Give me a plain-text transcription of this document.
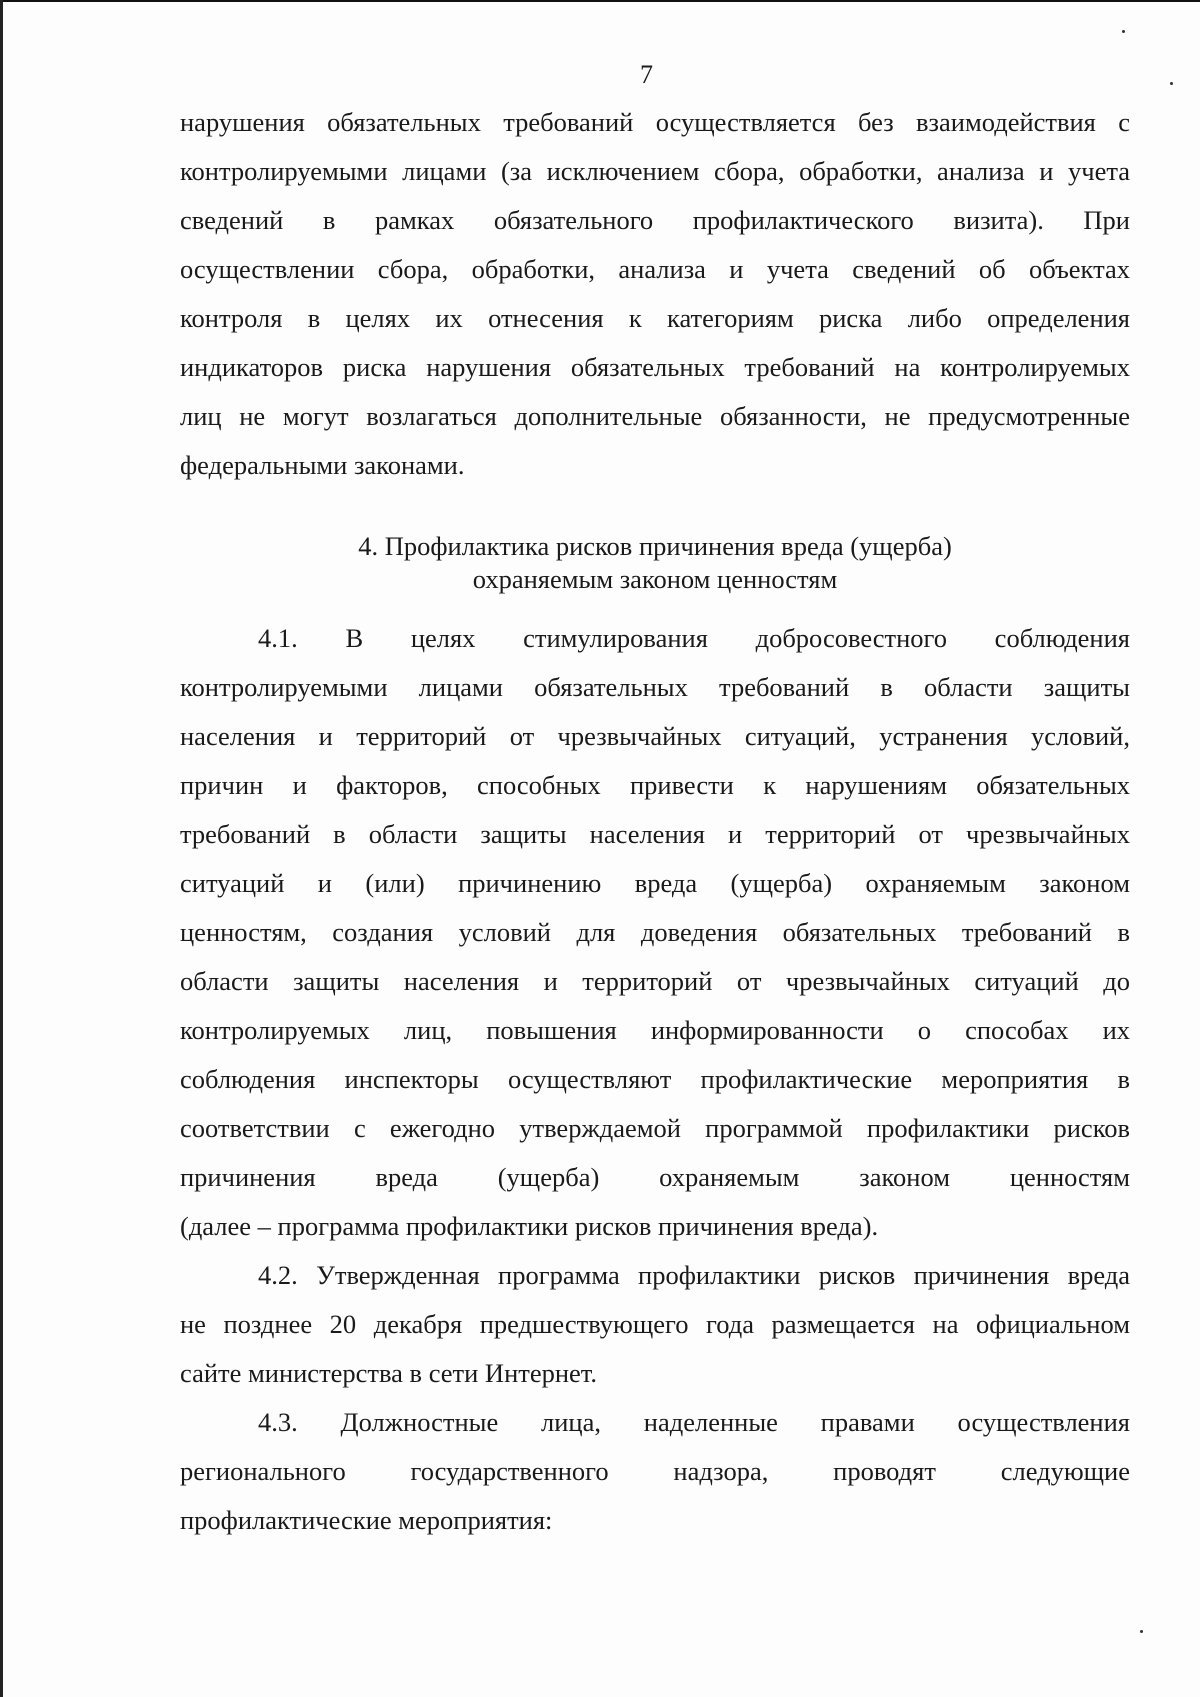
7
нарушения обязательных требований осуществляется без взаимодействия с
контролируемыми лицами (за исключением сбора, обработки, анализа и учета
сведений в рамках обязательного профилактического визита). При
осуществлении сбора, обработки, анализа и учета сведений об объектах
контроля в целях их отнесения к категориям риска либо определения
индикаторов риска нарушения обязательных требований на контролируемых
лиц не могут возлагаться дополнительные обязанности, не предусмотренные
федеральными законами.
4. Профилактика рисков причинения вреда (ущерба)
охраняемым законом ценностям
4.1. В целях стимулирования добросовестного соблюдения
контролируемыми лицами обязательных требований в области защиты
населения и территорий от чрезвычайных ситуаций, устранения условий,
причин и факторов, способных привести к нарушениям обязательных
требований в области защиты населения и территорий от чрезвычайных
ситуаций и (или) причинению вреда (ущерба) охраняемым законом
ценностям, создания условий для доведения обязательных требований в
области защиты населения и территорий от чрезвычайных ситуаций до
контролируемых лиц, повышения информированности о способах их
соблюдения инспекторы осуществляют профилактические мероприятия в
соответствии с ежегодно утверждаемой программой профилактики рисков
причинения вреда (ущерба) охраняемым законом ценностям
(далее – программа профилактики рисков причинения вреда).
4.2. Утвержденная программа профилактики рисков причинения вреда
не позднее 20 декабря предшествующего года размещается на официальном
сайте министерства в сети Интернет.
4.3. Должностные лица, наделенные правами осуществления
регионального государственного надзора, проводят следующие
профилактические мероприятия:
